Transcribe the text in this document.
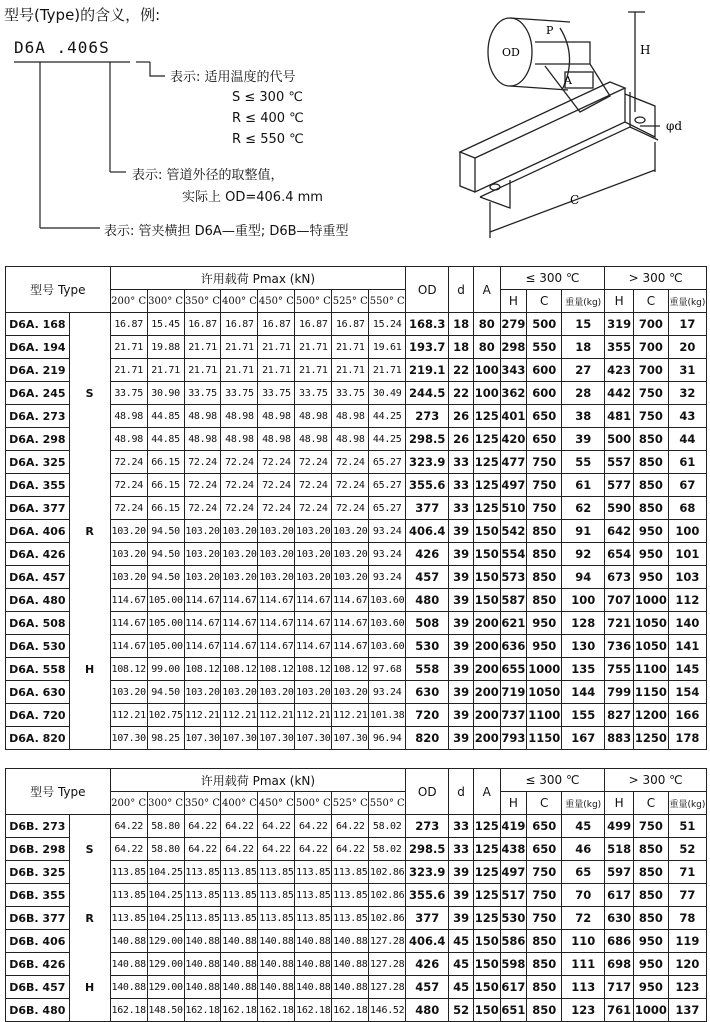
型号(Type)的含义，例:
D6A .406S
表示: 适用温度的代号
S ≤ 300 ℃
R ≤ 400 ℃
R ≤ 550 ℃
表示: 管道外径的取整值，
实际上 OD=406.4 mm
表示: 管夹横担 D6A—重型; D6B—特重型
OD
P
A
H
C
φd
型号 Type		许用载荷 Pmax (kN)								OD	d	A	≤ 300 ℃			> 300 ℃		
		200° C	300° C	350° C	400° C	450° C	500° C	525° C	550° C				H	C	重量(kg)	H	C	重量(kg)
D6A. 168		16.87	15.45	16.87	16.87	16.87	16.87	16.87	15.24	168.3	18	80	279	500	15	319	700	17
D6A. 194		21.71	19.88	21.71	21.71	21.71	21.71	21.71	19.61	193.7	18	80	298	550	18	355	700	20
D6A. 219		21.71	21.71	21.71	21.71	21.71	21.71	21.71	21.71	219.1	22	100	343	600	27	423	700	31
D6A. 245	S	33.75	30.90	33.75	33.75	33.75	33.75	33.75	30.49	244.5	22	100	362	600	28	442	750	32
D6A. 273		48.98	44.85	48.98	48.98	48.98	48.98	48.98	44.25	273	26	125	401	650	38	481	750	43
D6A. 298		48.98	44.85	48.98	48.98	48.98	48.98	48.98	44.25	298.5	26	125	420	650	39	500	850	44
D6A. 325		72.24	66.15	72.24	72.24	72.24	72.24	72.24	65.27	323.9	33	125	477	750	55	557	850	61
D6A. 355		72.24	66.15	72.24	72.24	72.24	72.24	72.24	65.27	355.6	33	125	497	750	61	577	850	67
D6A. 377		72.24	66.15	72.24	72.24	72.24	72.24	72.24	65.27	377	33	125	510	750	62	590	850	68
D6A. 406	R	103.20	94.50	103.20	103.20	103.20	103.20	103.20	93.24	406.4	39	150	542	850	91	642	950	100
D6A. 426		103.20	94.50	103.20	103.20	103.20	103.20	103.20	93.24	426	39	150	554	850	92	654	950	101
D6A. 457		103.20	94.50	103.20	103.20	103.20	103.20	103.20	93.24	457	39	150	573	850	94	673	950	103
D6A. 480		114.67	105.00	114.67	114.67	114.67	114.67	114.67	103.60	480	39	150	587	850	100	707	1000	112
D6A. 508		114.67	105.00	114.67	114.67	114.67	114.67	114.67	103.60	508	39	200	621	950	128	721	1050	140
D6A. 530		114.67	105.00	114.67	114.67	114.67	114.67	114.67	103.60	530	39	200	636	950	130	736	1050	141
D6A. 558	H	108.12	99.00	108.12	108.12	108.12	108.12	108.12	97.68	558	39	200	655	1000	135	755	1100	145
D6A. 630		103.20	94.50	103.20	103.20	103.20	103.20	103.20	93.24	630	39	200	719	1050	144	799	1150	154
D6A. 720		112.21	102.75	112.21	112.21	112.21	112.21	112.21	101.38	720	39	200	737	1100	155	827	1200	166
D6A. 820		107.30	98.25	107.30	107.30	107.30	107.30	107.30	96.94	820	39	200	793	1150	167	883	1250	178
型号 Type		许用载荷 Pmax (kN)								OD	d	A	≤ 300 ℃			> 300 ℃		
		200° C	300° C	350° C	400° C	450° C	500° C	525° C	550° C				H	C	重量(kg)	H	C	重量(kg)
D6B. 273		64.22	58.80	64.22	64.22	64.22	64.22	64.22	58.02	273	33	125	419	650	45	499	750	51
D6B. 298	S	64.22	58.80	64.22	64.22	64.22	64.22	64.22	58.02	298.5	33	125	438	650	46	518	850	52
D6B. 325		113.85	104.25	113.85	113.85	113.85	113.85	113.85	102.86	323.9	39	125	497	750	65	597	850	71
D6B. 355		113.85	104.25	113.85	113.85	113.85	113.85	113.85	102.86	355.6	39	125	517	750	70	617	850	77
D6B. 377	R	113.85	104.25	113.85	113.85	113.85	113.85	113.85	102.86	377	39	125	530	750	72	630	850	78
D6B. 406		140.88	129.00	140.88	140.88	140.88	140.88	140.88	127.28	406.4	45	150	586	850	110	686	950	119
D6B. 426		140.88	129.00	140.88	140.88	140.88	140.88	140.88	127.28	426	45	150	598	850	111	698	950	120
D6B. 457	H	140.88	129.00	140.88	140.88	140.88	140.88	140.88	127.28	457	45	150	617	850	113	717	950	123
D6B. 480		162.18	148.50	162.18	162.18	162.18	162.18	162.18	146.52	480	52	150	651	850	123	761	1000	137
